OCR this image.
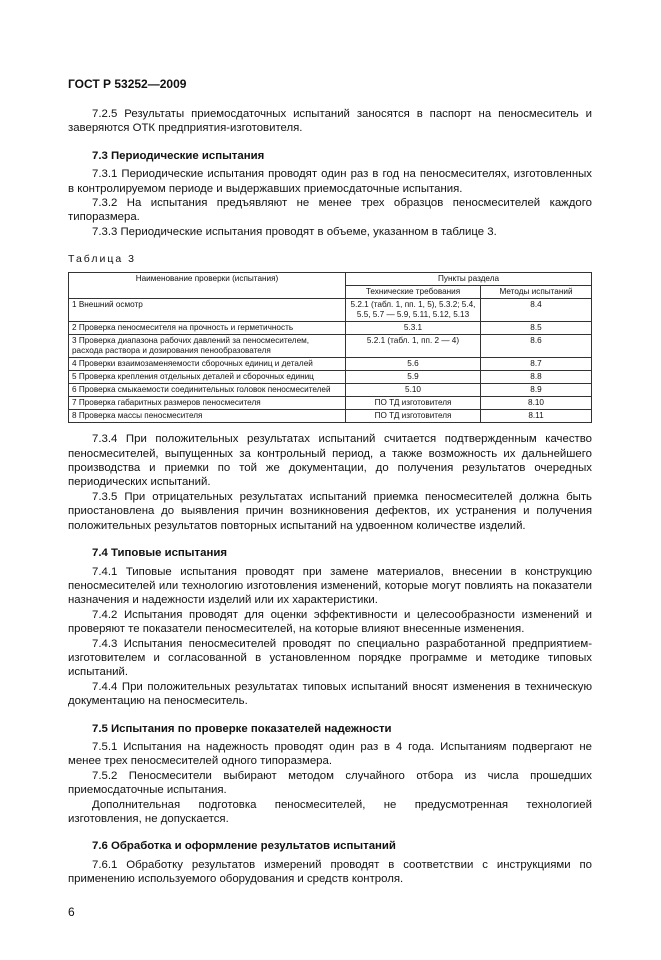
ГОСТ Р 53252—2009

7.2.5 Результаты приемосдаточных испытаний заносятся в паспорт на пеносмеситель и заверяются ОТК предприятия-изготовителя.

7.3 Периодические испытания

7.3.1 Периодические испытания проводят один раз в год на пеносмесителях, изготовленных в контролируемом периоде и выдержавших приемосдаточные испытания.

7.3.2 На испытания предъявляют не менее трех образцов пеносмесителей каждого типоразмера.

7.3.3 Периодические испытания проводят в объеме, указанном в таблице 3.

Таблица 3
Наименование проверки (испытания)	Пункты раздела	
	Технические требования	Методы испытаний
1 Внешний осмотр	5.2.1 (табл. 1, пп. 1, 5), 5.3.2; 5.4, 5.5, 5.7 — 5.9, 5.11, 5.12, 5.13	8.4
2 Проверка пеносмесителя на прочность и герметичность	5.3.1	8.5
3 Проверка диапазона рабочих давлений за пеносмесителем, расхода раствора и дозирования пенообразователя	5.2.1 (табл. 1, пп. 2 — 4)	8.6
4 Проверки взаимозаменяемости сборочных единиц и деталей	5.6	8.7
5 Проверка крепления отдельных деталей и сборочных единиц	5.9	8.8
6 Проверка смыкаемости соединительных головок пеносмесителей	5.10	8.9
7 Проверка габаритных размеров пеносмесителя	ПО ТД изготовителя	8.10
8 Проверка массы пеносмесителя	ПО ТД изготовителя	8.11

7.3.4 При положительных результатах испытаний считается подтвержденным качество пеносмесителей, выпущенных за контрольный период, а также возможность их дальнейшего производства и приемки по той же документации, до получения результатов очередных периодических испытаний.

7.3.5 При отрицательных результатах испытаний приемка пеносмесителей должна быть приостановлена до выявления причин возникновения дефектов, их устранения и получения положительных результатов повторных испытаний на удвоенном количестве изделий.

7.4 Типовые испытания

7.4.1 Типовые испытания проводят при замене материалов, внесении в конструкцию пеносмесителей или технологию изготовления изменений, которые могут повлиять на показатели назначения и надежности изделий или их характеристики.

7.4.2 Испытания проводят для оценки эффективности и целесообразности изменений и проверяют те показатели пеносмесителей, на которые влияют внесенные изменения.

7.4.3 Испытания пеносмесителей проводят по специально разработанной предприятием-изготовителем и согласованной в установленном порядке программе и методике типовых испытаний.

7.4.4 При положительных результатах типовых испытаний вносят изменения в техническую документацию на пеносмеситель.

7.5 Испытания по проверке показателей надежности

7.5.1 Испытания на надежность проводят один раз в 4 года. Испытаниям подвергают не менее трех пеносмесителей одного типоразмера.

7.5.2 Пеносмесители выбирают методом случайного отбора из числа прошедших приемосдаточные испытания.

Дополнительная подготовка пеносмесителей, не предусмотренная технологией изготовления, не допускается.

7.6 Обработка и оформление результатов испытаний

7.6.1 Обработку результатов измерений проводят в соответствии с инструкциями по применению используемого оборудования и средств контроля.

6
